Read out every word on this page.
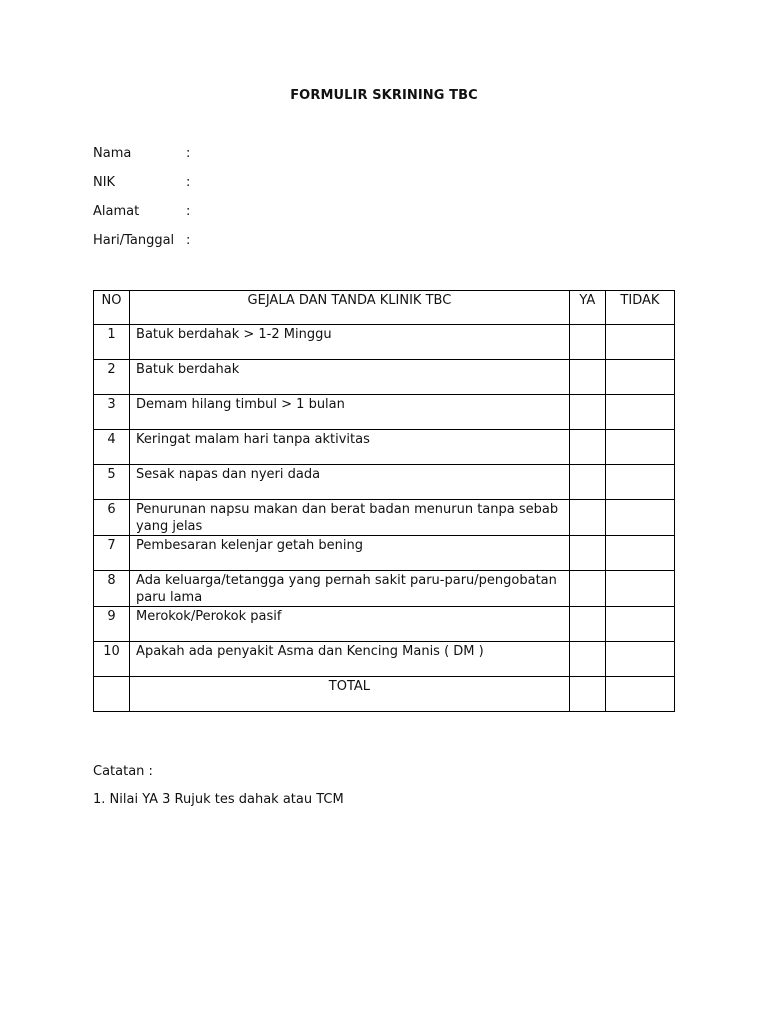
FORMULIR SKRINING TBC
Nama	:
NIK	:
Alamat	:
Hari/Tanggal :
NO	GEJALA DAN TANDA KLINIK TBC	YA	TIDAK
1	Batuk berdahak > 1-2 Minggu		
2	Batuk berdahak		
3	Demam hilang timbul > 1 bulan		
4	Keringat malam hari tanpa aktivitas		
5	Sesak napas dan nyeri dada		
6	Penurunan napsu makan dan berat badan menurun tanpa sebab yang jelas		
7	Pembesaran kelenjar getah bening		
8	Ada keluarga/tetangga yang pernah sakit paru-paru/pengobatan paru lama		
9	Merokok/Perokok pasif		
10	Apakah ada penyakit Asma dan Kencing Manis ( DM )		
	TOTAL		
Catatan :
1. Nilai YA 3 Rujuk tes dahak atau TCM
